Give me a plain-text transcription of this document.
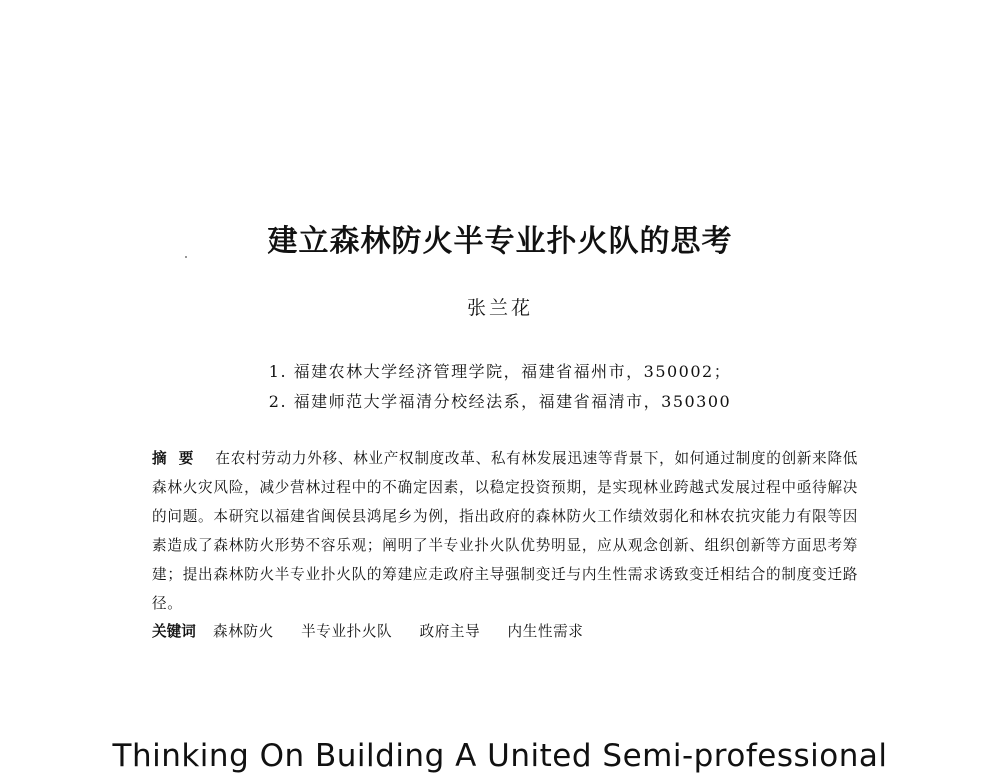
建立森林防火半专业扑火队的思考
张兰花
1. 福建农林大学经济管理学院，福建省福州市，350002；
2. 福建师范大学福清分校经法系，福建省福清市，350300
摘要 在农村劳动力外移、林业产权制度改革、私有林发展迅速等背景下，如何通过制度的创新来降低森林火灾风险，减少营林过程中的不确定因素，以稳定投资预期，是实现林业跨越式发展过程中亟待解决的问题。本研究以福建省闽侯县鸿尾乡为例，指出政府的森林防火工作绩效弱化和林农抗灾能力有限等因素造成了森林防火形势不容乐观；阐明了半专业扑火队优势明显，应从观念创新、组织创新等方面思考筹建；提出森林防火半专业扑火队的筹建应走政府主导强制变迁与内生性需求诱致变迁相结合的制度变迁路径。
关键词 森林防火 半专业扑火队 政府主导 内生性需求
Thinking On Building A United Semi-professional
